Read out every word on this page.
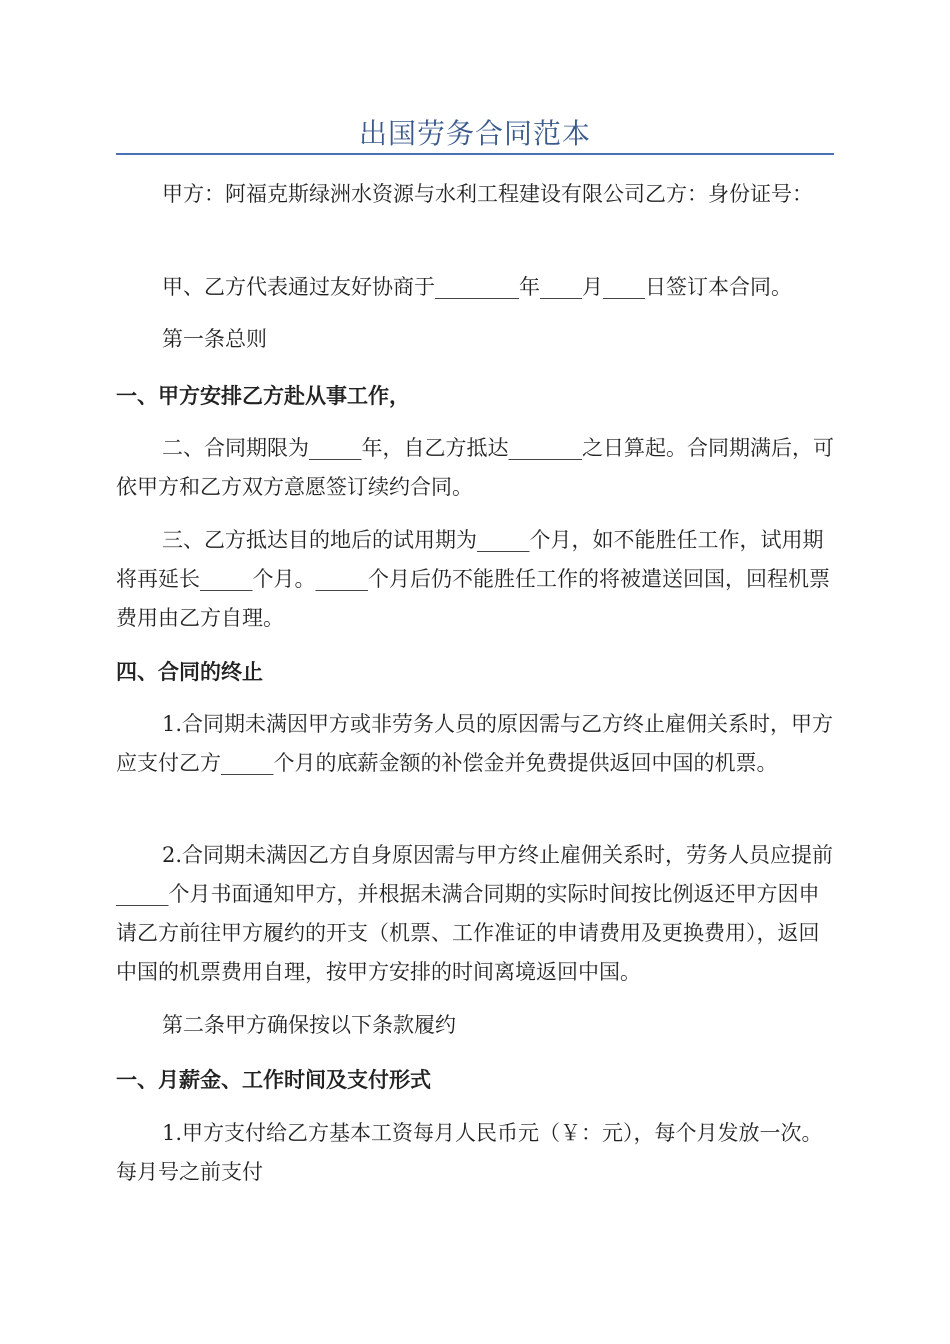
出国劳务合同范本

甲方：阿福克斯绿洲水资源与水利工程建设有限公司乙方：身份证号：

甲、乙方代表通过友好协商于________年____月____日签订本合同。

第一条总则

一、甲方安排乙方赴从事工作，

二、合同期限为_____年，自乙方抵达_______之日算起。合同期满后，可依甲方和乙方双方意愿签订续约合同。

三、乙方抵达目的地后的试用期为_____个月，如不能胜任工作，试用期将再延长_____个月。_____个月后仍不能胜任工作的将被遣送回国，回程机票费用由乙方自理。

四、合同的终止

1.合同期未满因甲方或非劳务人员的原因需与乙方终止雇佣关系时，甲方应支付乙方_____个月的底薪金额的补偿金并免费提供返回中国的机票。

2.合同期未满因乙方自身原因需与甲方终止雇佣关系时，劳务人员应提前_____个月书面通知甲方，并根据未满合同期的实际时间按比例返还甲方因申请乙方前往甲方履约的开支（机票、工作准证的申请费用及更换费用），返回中国的机票费用自理，按甲方安排的时间离境返回中国。

第二条甲方确保按以下条款履约

一、月薪金、工作时间及支付形式

1.甲方支付给乙方基本工资每月人民币元（￥：元），每个月发放一次。每月号之前支付
